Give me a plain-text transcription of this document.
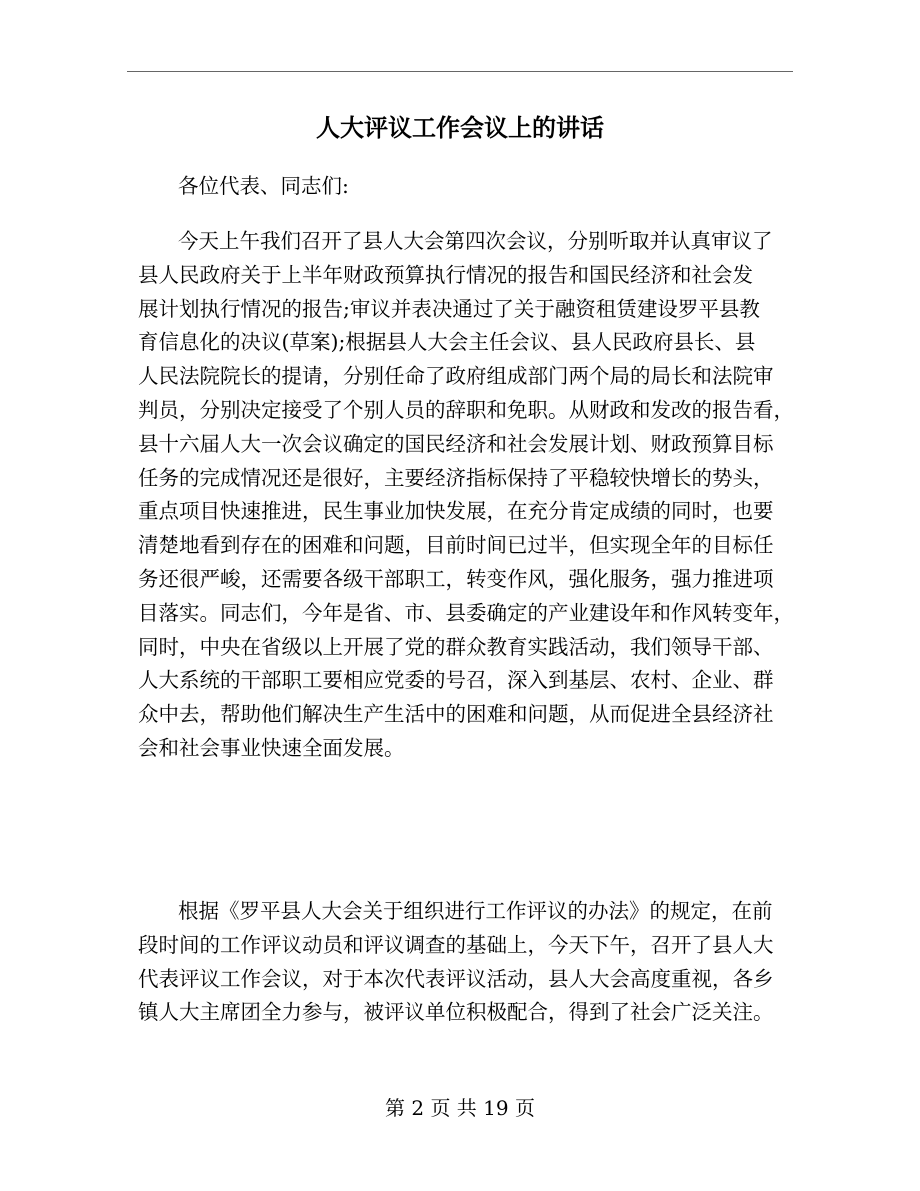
人大评议工作会议上的讲话
各位代表、同志们:
今天上午我们召开了县人大会第四次会议，分别听取并认真审议了
县人民政府关于上半年财政预算执行情况的报告和国民经济和社会发
展计划执行情况的报告;审议并表决通过了关于融资租赁建设罗平县教
育信息化的决议(草案);根据县人大会主任会议、县人民政府县长、县
人民法院院长的提请，分别任命了政府组成部门两个局的局长和法院审
判员，分别决定接受了个别人员的辞职和免职。从财政和发改的报告看，
县十六届人大一次会议确定的国民经济和社会发展计划、财政预算目标
任务的完成情况还是很好，主要经济指标保持了平稳较快增长的势头，
重点项目快速推进，民生事业加快发展，在充分肯定成绩的同时，也要
清楚地看到存在的困难和问题，目前时间已过半，但实现全年的目标任
务还很严峻，还需要各级干部职工，转变作风，强化服务，强力推进项
目落实。同志们，今年是省、市、县委确定的产业建设年和作风转变年，
同时，中央在省级以上开展了党的群众教育实践活动，我们领导干部、
人大系统的干部职工要相应党委的号召，深入到基层、农村、企业、群
众中去，帮助他们解决生产生活中的困难和问题，从而促进全县经济社
会和社会事业快速全面发展。
根据《罗平县人大会关于组织进行工作评议的办法》的规定，在前
段时间的工作评议动员和评议调查的基础上，今天下午，召开了县人大
代表评议工作会议，对于本次代表评议活动，县人大会高度重视，各乡
镇人大主席团全力参与，被评议单位积极配合，得到了社会广泛关注。
第 2 页 共 19 页
